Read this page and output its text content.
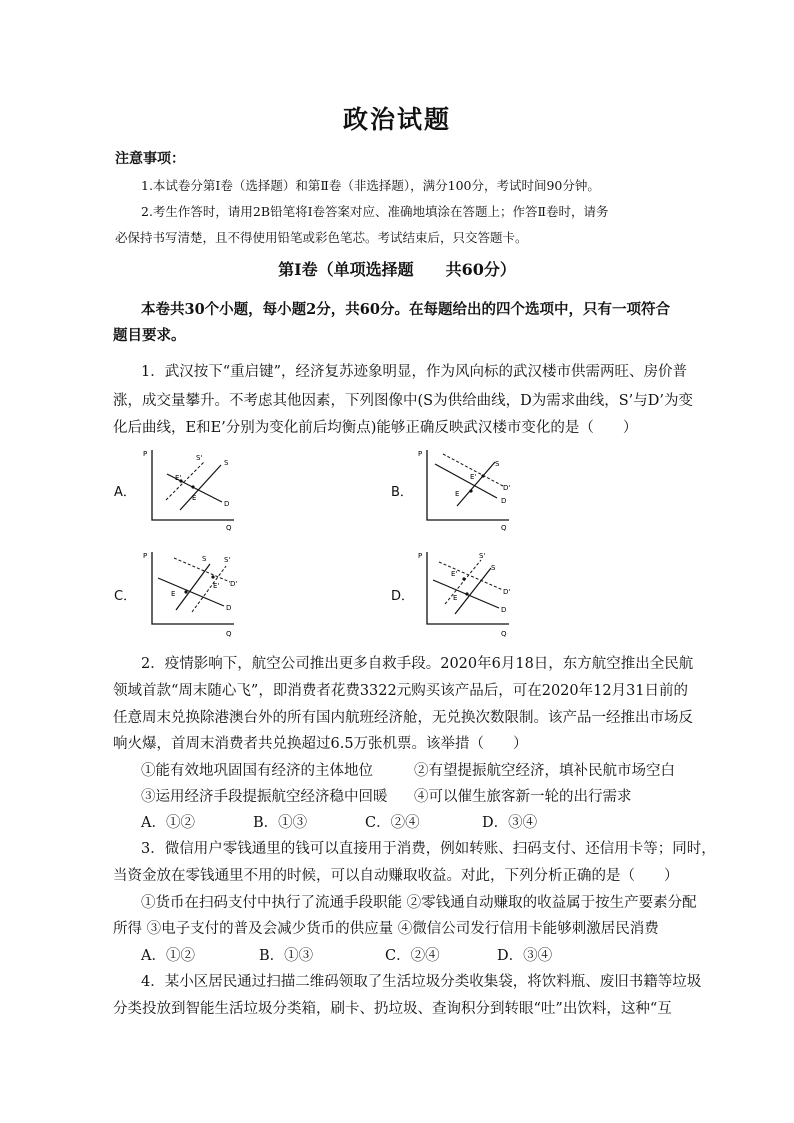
政治试题
注意事项：
1.本试卷分第Ⅰ卷（选择题）和第Ⅱ卷（非选择题），满分100分，考试时间90分钟。
2.考生作答时，请用2B铅笔将Ⅰ卷答案对应、准确地填涂在答题上；作答Ⅱ卷时，请务
必保持书写清楚，且不得使用铅笔或彩色笔芯。考试结束后，只交答题卡。
第Ⅰ卷（单项选择题　　共60分）
本卷共30个小题，每小题2分，共60分。在每题给出的四个选项中，只有一项符合
题目要求。
1．武汉按下“重启键”，经济复苏迹象明显，作为风向标的武汉楼市供需两旺、房价普
涨，成交量攀升。不考虑其他因素，下列图像中(S为供给曲线，D为需求曲线，S’与D’为变
化后曲线，E和E’分别为变化前后均衡点)能够正确反映武汉楼市变化的是（　　）
A．	B．
C．	D．
P
Q
S
S'
D
E
E'
P
Q
S
D'
D
E
E'
P
Q
S	S'
D'
D
E
E'
P
Q
S
S'
D'
D
E
E'
2．疫情影响下，航空公司推出更多自救手段。2020年6月18日，东方航空推出全民航
领域首款“周末随心飞”，即消费者花费3322元购买该产品后，可在2020年12月31日前的
任意周末兑换除港澳台外的所有国内航班经济舱，无兑换次数限制。该产品一经推出市场反
响火爆，首周末消费者共兑换超过6.5万张机票。该举措（　　）
①能有效地巩固国有经济的主体地位	②有望提振航空经济，填补民航市场空白
③运用经济手段提振航空经济稳中回暖 ④可以催生旅客新一轮的出行需求
A．①②	B．①③	C．②④	D．③④
3．微信用户零钱通里的钱可以直接用于消费，例如转账、扫码支付、还信用卡等；同时，
当资金放在零钱通里不用的时候，可以自动赚取收益。对此，下列分析正确的是（　　）
①货币在扫码支付中执行了流通手段职能 ②零钱通自动赚取的收益属于按生产要素分配
所得 ③电子支付的普及会减少货币的供应量 ④微信公司发行信用卡能够刺激居民消费
A．①②	B．①③	C．②④	D．③④
4．某小区居民通过扫描二维码领取了生活垃圾分类收集袋，将饮料瓶、废旧书籍等垃圾
分类投放到智能生活垃圾分类箱，刷卡、扔垃圾、查询积分到转眼“吐”出饮料，这种“互
